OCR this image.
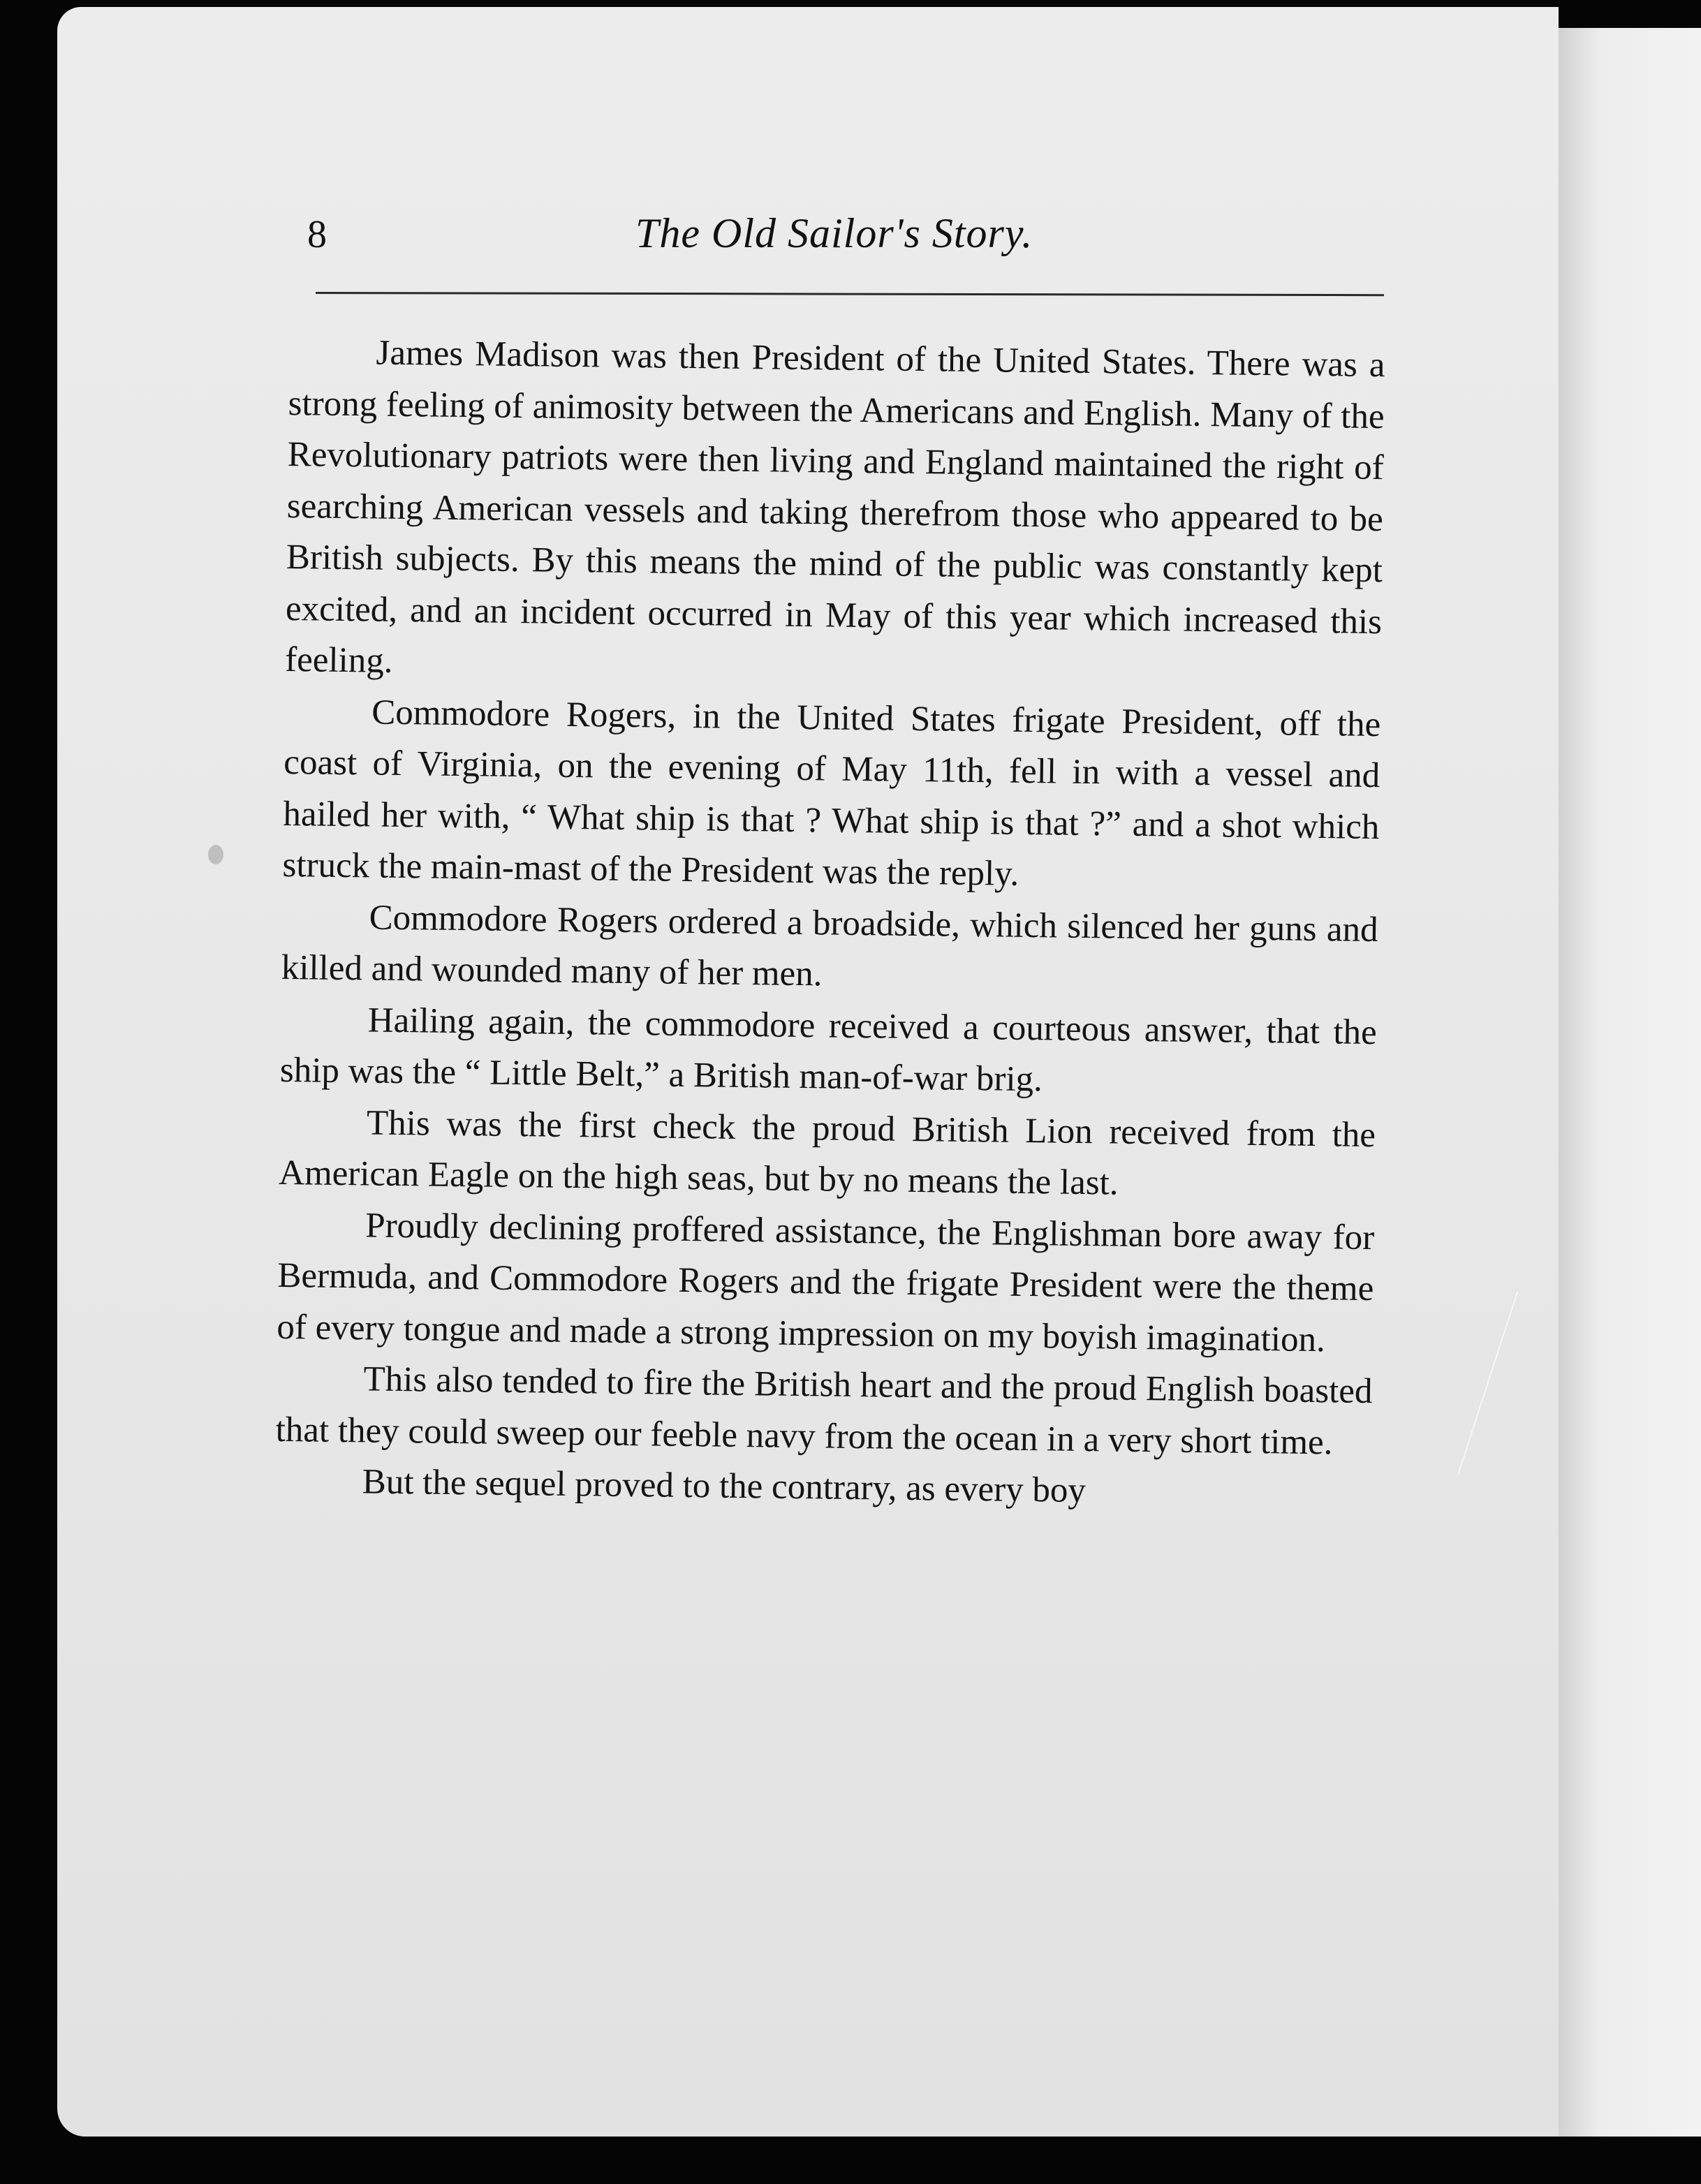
8	The Old Sailor's Story.

James Madison was then President of the United States. There was a strong feeling of animosity between the Americans and English. Many of the Revolutionary patriots were then living and England maintained the right of searching American vessels and taking therefrom those who appeared to be British subjects. By this means the mind of the public was constantly kept excited, and an incident occurred in May of this year which increased this feeling.

Commodore Rogers, in the United States frigate President, off the coast of Virginia, on the evening of May 11th, fell in with a vessel and hailed her with, “ What ship is that ? What ship is that ?” and a shot which struck the main-mast of the President was the reply.

Commodore Rogers ordered a broadside, which silenced her guns and killed and wounded many of her men.

Hailing again, the commodore received a courteous answer, that the ship was the “ Little Belt,” a British man-of-war brig.

This was the first check the proud British Lion received from the American Eagle on the high seas, but by no means the last.

Proudly declining proffered assistance, the Englishman bore away for Bermuda, and Commodore Rogers and the frigate President were the theme of every tongue and made a strong impression on my boyish imagination.

This also tended to fire the British heart and the proud English boasted that they could sweep our feeble navy from the ocean in a very short time.

But the sequel proved to the contrary, as every boy
